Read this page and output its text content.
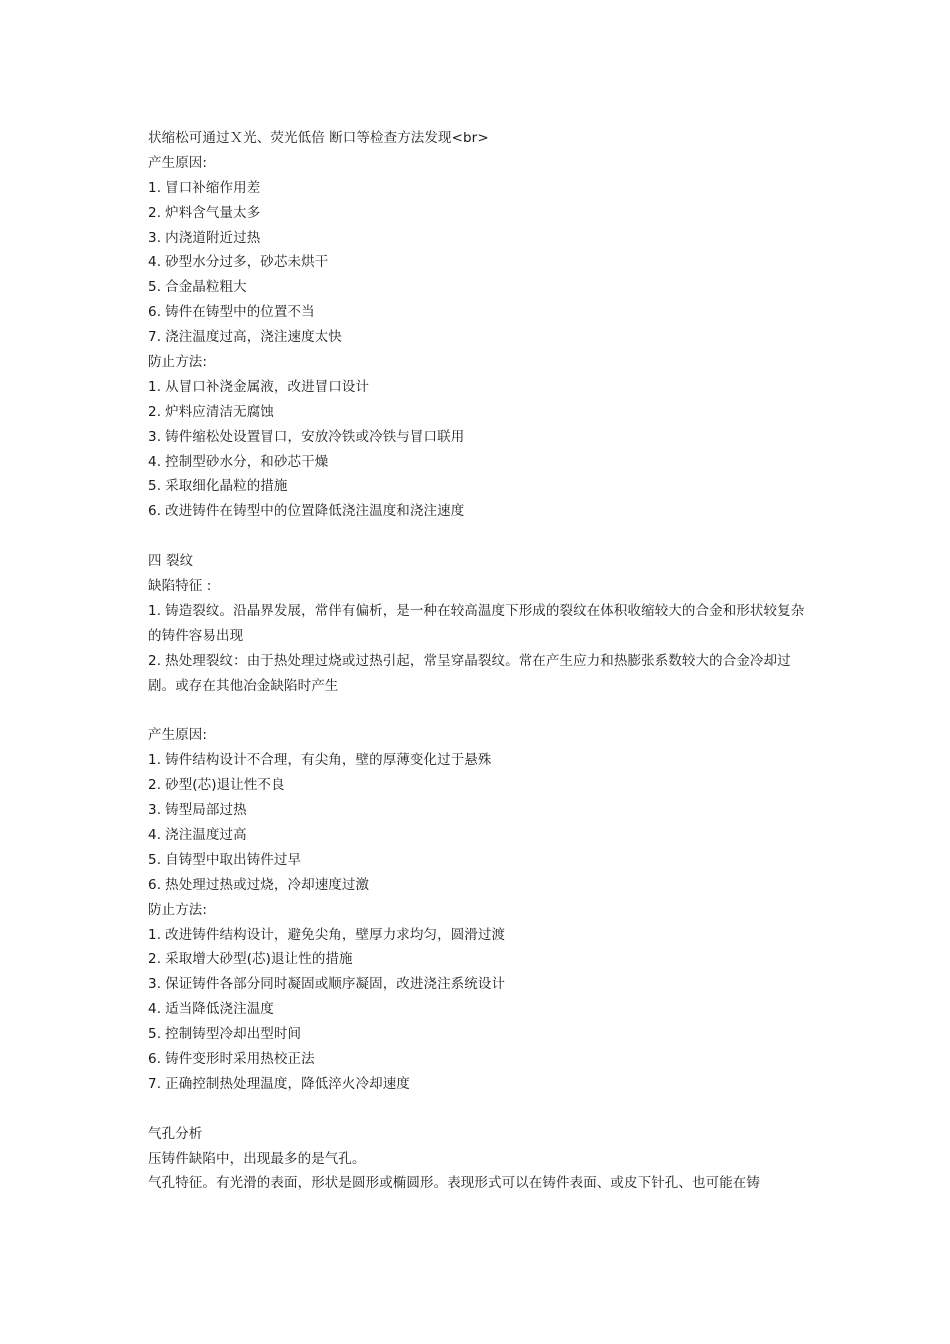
状缩松可通过Ｘ光、荧光低倍 断口等检查方法发现<br>
产生原因:
1. 冒口补缩作用差
2. 炉料含气量太多
3. 内浇道附近过热
4. 砂型水分过多，砂芯未烘干
5. 合金晶粒粗大
6. 铸件在铸型中的位置不当
7. 浇注温度过高，浇注速度太快
防止方法:
1. 从冒口补浇金属液，改进冒口设计
2. 炉料应清洁无腐蚀
3. 铸件缩松处设置冒口，安放冷铁或冷铁与冒口联用
4. 控制型砂水分，和砂芯干燥
5. 采取细化晶粒的措施
6. 改进铸件在铸型中的位置降低浇注温度和浇注速度
四 裂纹
缺陷特征 :
1. 铸造裂纹。沿晶界发展，常伴有偏析，是一种在较高温度下形成的裂纹在体积收缩较大的合金和形状较复杂的铸件容易出现
2. 热处理裂纹：由于热处理过烧或过热引起，常呈穿晶裂纹。常在产生应力和热膨张系数较大的合金冷却过剧。或存在其他冶金缺陷时产生
产生原因:
1. 铸件结构设计不合理，有尖角，壁的厚薄变化过于悬殊
2. 砂型(芯)退让性不良
3. 铸型局部过热
4. 浇注温度过高
5. 自铸型中取出铸件过早
6. 热处理过热或过烧，冷却速度过激
防止方法:
1. 改进铸件结构设计，避免尖角，壁厚力求均匀，圆滑过渡
2. 采取增大砂型(芯)退让性的措施
3. 保证铸件各部分同时凝固或顺序凝固，改进浇注系统设计
4. 适当降低浇注温度
5. 控制铸型冷却出型时间
6. 铸件变形时采用热校正法
7. 正确控制热处理温度，降低淬火冷却速度
气孔分析
压铸件缺陷中，出现最多的是气孔。
气孔特征。有光滑的表面，形状是圆形或椭圆形。表现形式可以在铸件表面、或皮下针孔、也可能在铸
